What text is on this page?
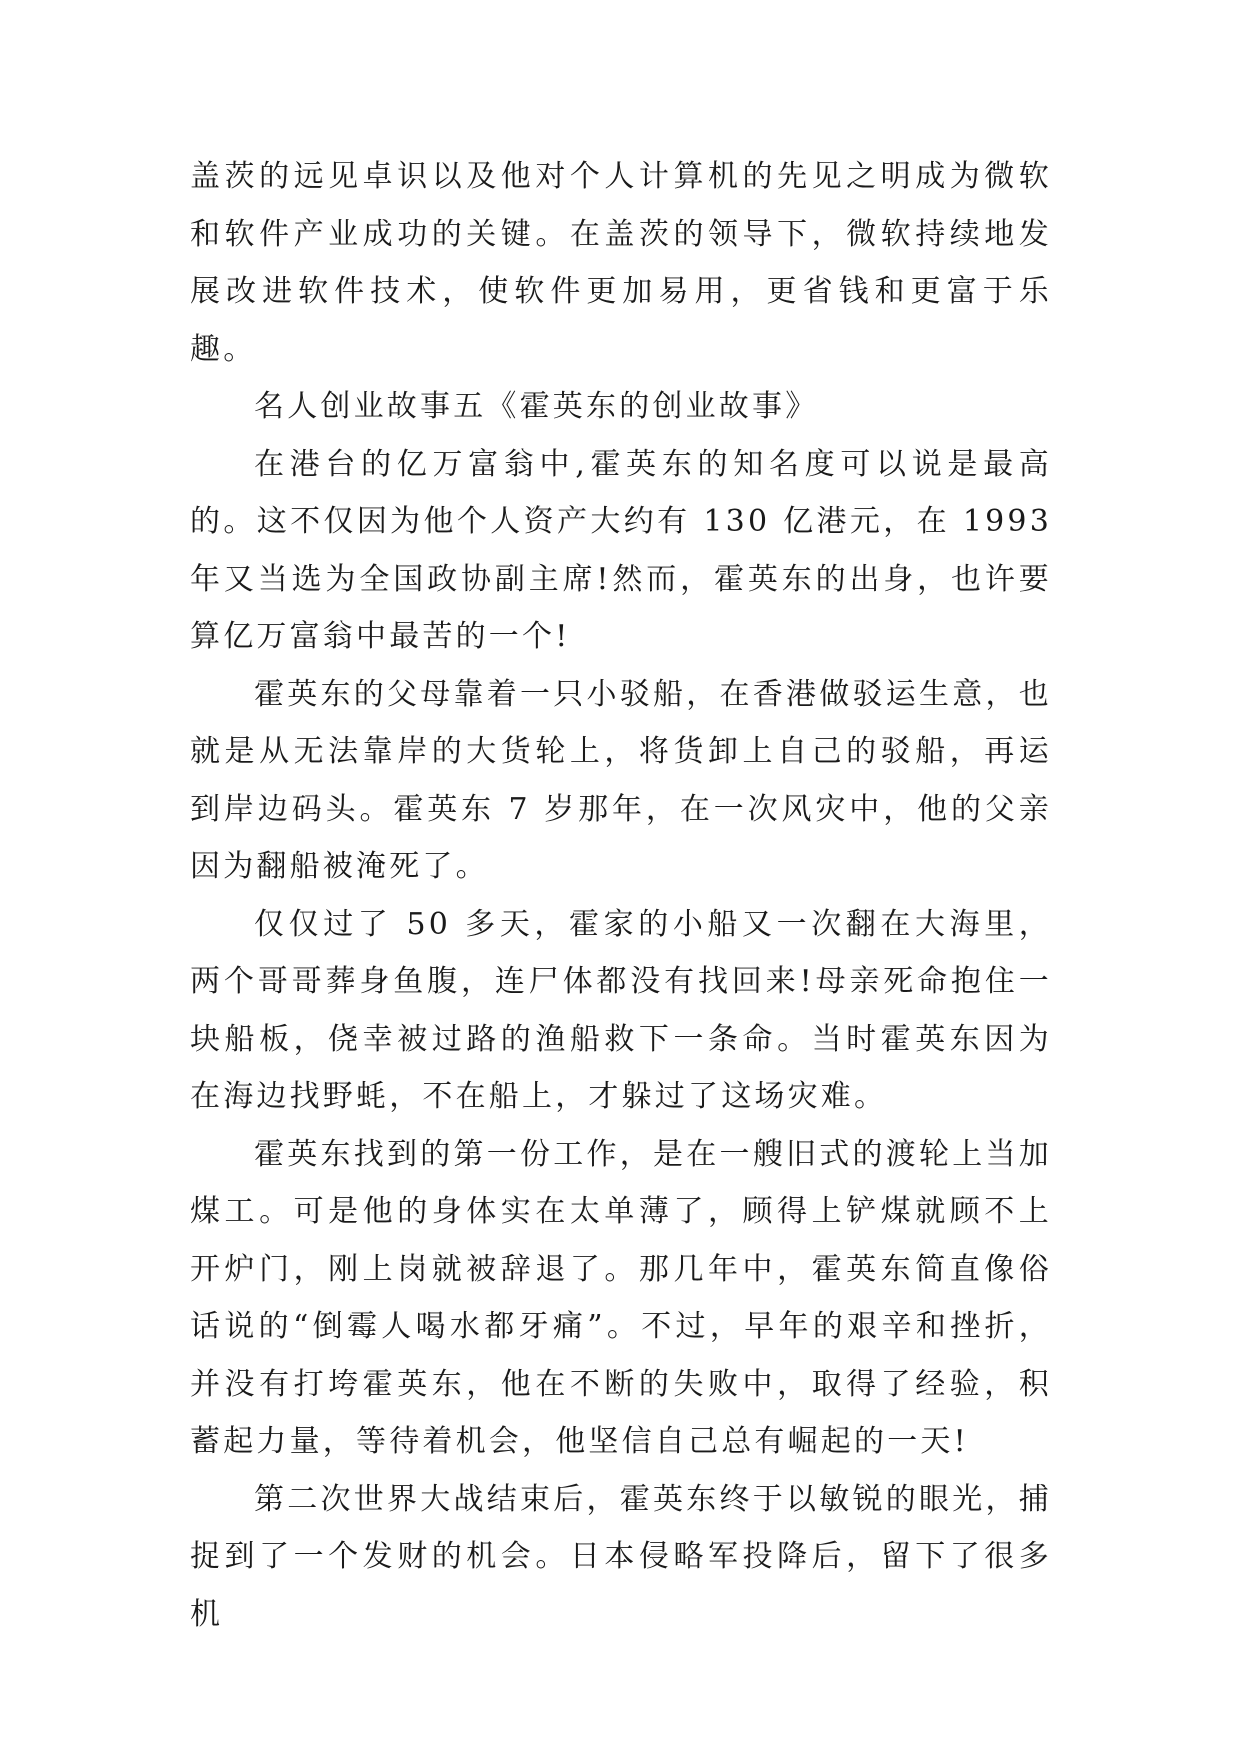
盖茨的远见卓识以及他对个人计算机的先见之明成为微软和软件产业成功的关键。在盖茨的领导下，微软持续地发展改进软件技术，使软件更加易用，更省钱和更富于乐趣。

名人创业故事五《霍英东的创业故事》

在港台的亿万富翁中,霍英东的知名度可以说是最高的。这不仅因为他个人资产大约有 130 亿港元，在 1993 年又当选为全国政协副主席!然而，霍英东的出身，也许要算亿万富翁中最苦的一个!

霍英东的父母靠着一只小驳船，在香港做驳运生意，也就是从无法靠岸的大货轮上，将货卸上自己的驳船，再运到岸边码头。霍英东 7 岁那年，在一次风灾中，他的父亲因为翻船被淹死了。

仅仅过了 50 多天，霍家的小船又一次翻在大海里，两个哥哥葬身鱼腹，连尸体都没有找回来!母亲死命抱住一块船板，侥幸被过路的渔船救下一条命。当时霍英东因为在海边找野蚝，不在船上，才躲过了这场灾难。

霍英东找到的第一份工作，是在一艘旧式的渡轮上当加煤工。可是他的身体实在太单薄了，顾得上铲煤就顾不上开炉门，刚上岗就被辞退了。那几年中，霍英东简直像俗话说的“倒霉人喝水都牙痛”。不过，早年的艰辛和挫折，并没有打垮霍英东，他在不断的失败中，取得了经验，积蓄起力量，等待着机会，他坚信自己总有崛起的一天!

第二次世界大战结束后，霍英东终于以敏锐的眼光，捕捉到了一个发财的机会。日本侵略军投降后，留下了很多机
